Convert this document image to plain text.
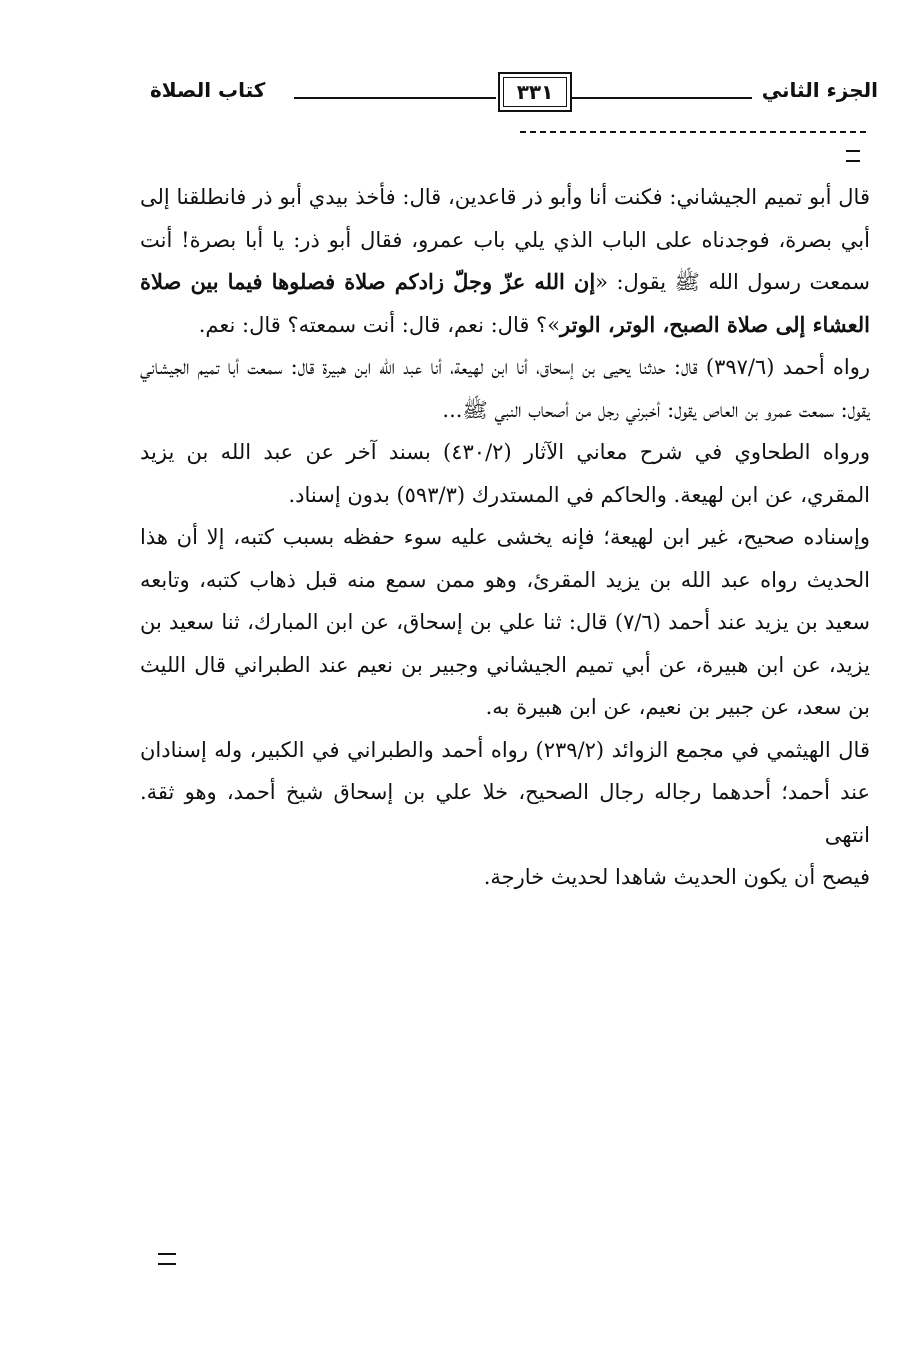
الجزء الثاني
٣٣١
كتاب الصلاة

قال أبو تميم الجيشاني: فكنت أنا وأبو ذر قاعدين، قال: فأخذ بيدي أبو ذر فانطلقنا إلى أبي بصرة، فوجدناه على الباب الذي يلي باب عمرو، فقال أبو ذر: يا أبا بصرة! أنت سمعت رسول الله ﷺ يقول: «إن الله عزّ وجلّ زادكم صلاة فصلوها فيما بين صلاة العشاء إلى صلاة الصبح، الوتر، الوتر»؟ قال: نعم، قال: أنت سمعته؟ قال: نعم.

رواه أحمد (٣٩٧/٦) قال: حدثنا يحيى بن إسحاق، أنا ابن لهيعة، أنا عبد الله ابن هبيرة قال: سمعت أبا تميم الجيشاني يقول: سمعت عمرو بن العاص يقول: أخبرني رجل من أصحاب النبي ﷺ...

ورواه الطحاوي في شرح معاني الآثار (٤٣٠/٢) بسند آخر عن عبد الله بن يزيد المقري، عن ابن لهيعة. والحاكم في المستدرك (٥٩٣/٣) بدون إسناد.

وإسناده صحيح، غير ابن لهيعة؛ فإنه يخشى عليه سوء حفظه بسبب كتبه، إلا أن هذا الحديث رواه عبد الله بن يزيد المقرئ، وهو ممن سمع منه قبل ذهاب كتبه، وتابعه سعيد بن يزيد عند أحمد (٧/٦) قال: ثنا علي بن إسحاق، عن ابن المبارك، ثنا سعيد بن يزيد، عن ابن هبيرة، عن أبي تميم الجيشاني وجبير بن نعيم عند الطبراني قال الليث بن سعد، عن جبير بن نعيم، عن ابن هبيرة به.

قال الهيثمي في مجمع الزوائد (٢٣٩/٢) رواه أحمد والطبراني في الكبير، وله إسنادان عند أحمد؛ أحدهما رجاله رجال الصحيح، خلا علي بن إسحاق شيخ أحمد، وهو ثقة. انتهى

فيصح أن يكون الحديث شاهدا لحديث خارجة.
